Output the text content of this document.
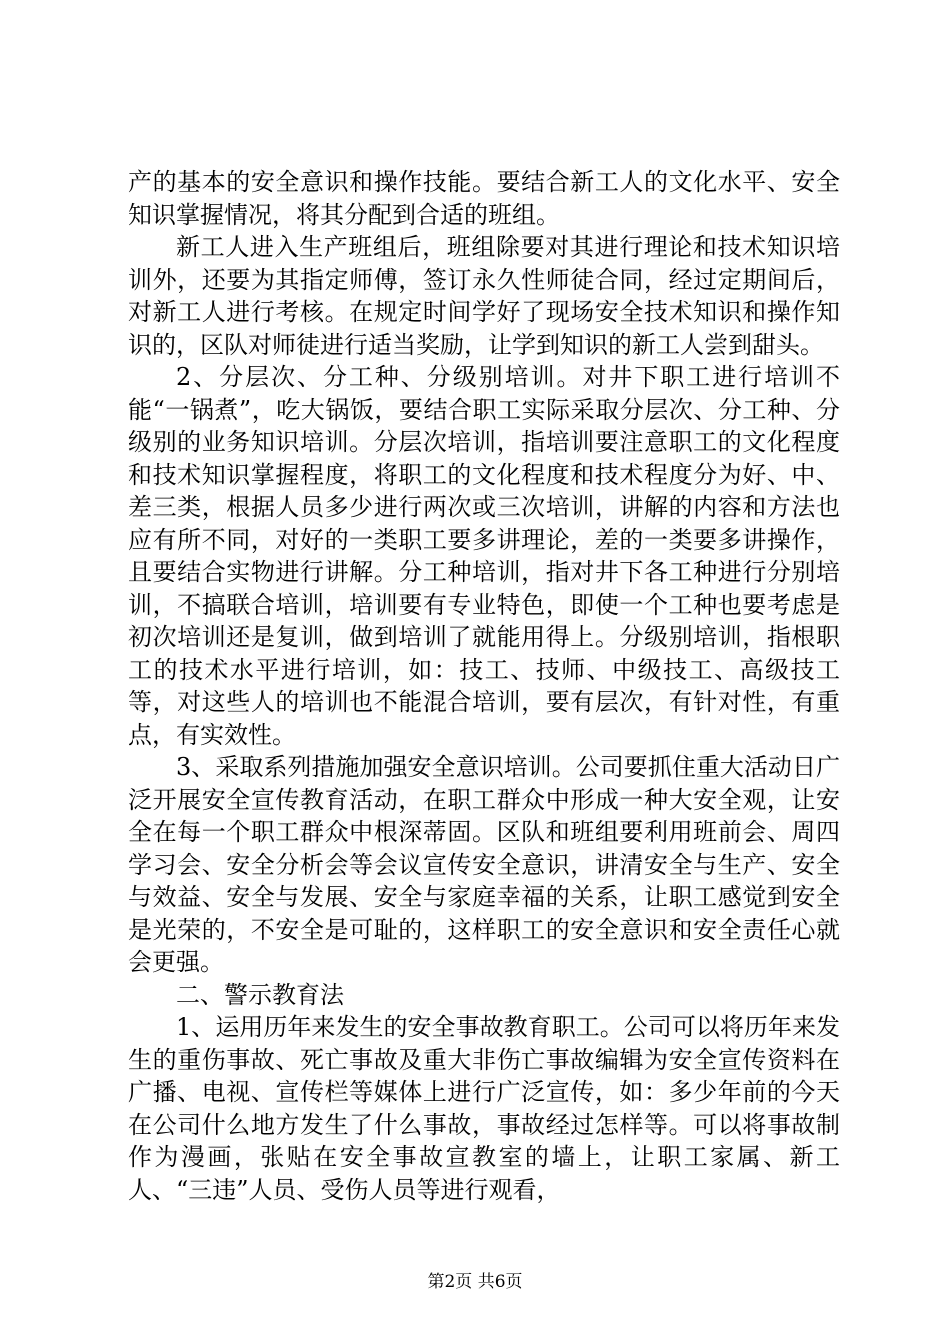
产的基本的安全意识和操作技能。要结合新工人的文化水平、安全知识掌握情况，将其分配到合适的班组。

新工人进入生产班组后，班组除要对其进行理论和技术知识培训外，还要为其指定师傅，签订永久性师徒合同，经过定期间后，对新工人进行考核。在规定时间学好了现场安全技术知识和操作知识的，区队对师徒进行适当奖励，让学到知识的新工人尝到甜头。

2、分层次、分工种、分级别培训。对井下职工进行培训不能“一锅煮”，吃大锅饭，要结合职工实际采取分层次、分工种、分级别的业务知识培训。分层次培训，指培训要注意职工的文化程度和技术知识掌握程度，将职工的文化程度和技术程度分为好、中、差三类，根据人员多少进行两次或三次培训，讲解的内容和方法也应有所不同，对好的一类职工要多讲理论，差的一类要多讲操作，且要结合实物进行讲解。分工种培训，指对井下各工种进行分别培训，不搞联合培训，培训要有专业特色，即使一个工种也要考虑是初次培训还是复训，做到培训了就能用得上。分级别培训，指根职工的技术水平进行培训，如：技工、技师、中级技工、高级技工等，对这些人的培训也不能混合培训，要有层次，有针对性，有重点，有实效性。

3、采取系列措施加强安全意识培训。公司要抓住重大活动日广泛开展安全宣传教育活动，在职工群众中形成一种大安全观，让安全在每一个职工群众中根深蒂固。区队和班组要利用班前会、周四学习会、安全分析会等会议宣传安全意识，讲清安全与生产、安全与效益、安全与发展、安全与家庭幸福的关系，让职工感觉到安全是光荣的，不安全是可耻的，这样职工的安全意识和安全责任心就会更强。

二、警示教育法

1、运用历年来发生的安全事故教育职工。公司可以将历年来发生的重伤事故、死亡事故及重大非伤亡事故编辑为安全宣传资料在广播、电视、宣传栏等媒体上进行广泛宣传，如：多少年前的今天在公司什么地方发生了什么事故，事故经过怎样等。可以将事故制作为漫画，张贴在安全事故宣教室的墙上，让职工家属、新工人、“三违”人员、受伤人员等进行观看，

第2页 共6页
